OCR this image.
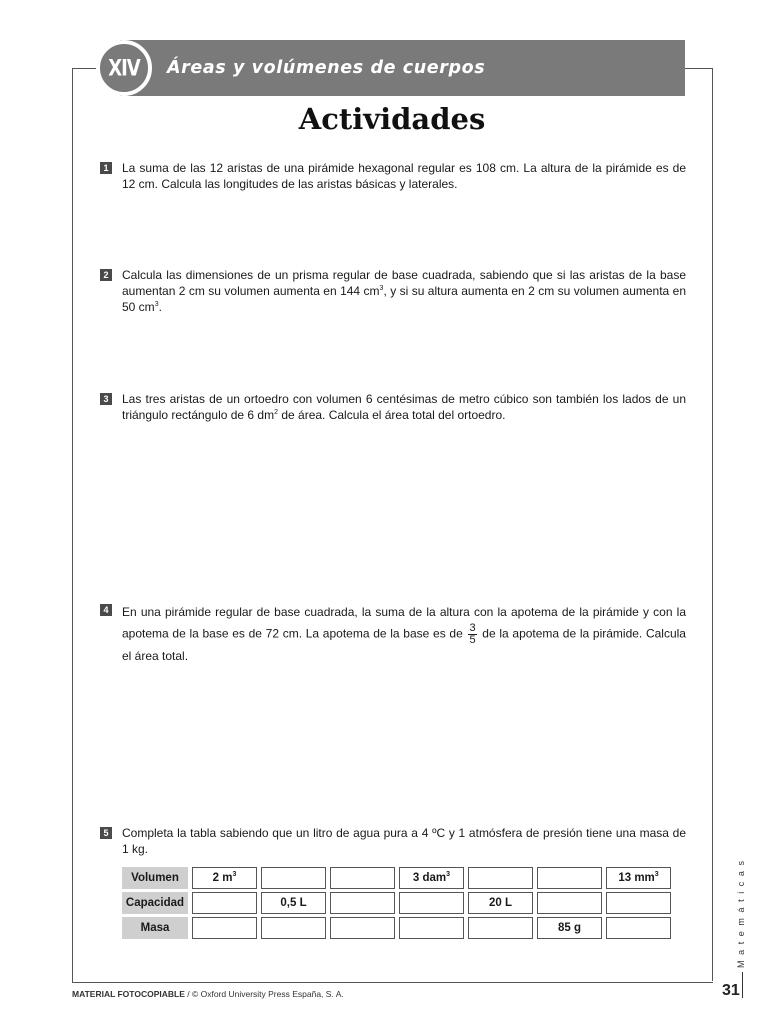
XIV Áreas y volúmenes de cuerpos
Actividades
1 La suma de las 12 aristas de una pirámide hexagonal regular es 108 cm. La altura de la pirámide es de 12 cm. Calcula las longitudes de las aristas básicas y laterales.
2 Calcula las dimensiones de un prisma regular de base cuadrada, sabiendo que si las aristas de la base aumentan 2 cm su volumen aumenta en 144 $cm^3$, y si su altura aumenta en 2 cm su volumen aumenta en 50 $cm^3$.
3 Las tres aristas de un ortoedro con volumen 6 centésimas de metro cúbico son también los lados de un triángulo rectángulo de 6 $dm^2$ de área. Calcula el área total del ortoedro.
4 En una pirámide regular de base cuadrada, la suma de la altura con la apotema de la pirámide y con la apotema de la base es de 72 cm. La apotema de la base es de $\frac{3}{5}$ de la apotema de la pirámide. Calcula el área total.
5 Completa la tabla sabiendo que un litro de agua pura a 4 ºC y 1 atmósfera de presión tiene una masa de 1 kg.
Volumen	2 $m^3$			3 dam$^3$			13 $mm^3$
Capacidad		0,5 L			20 L		
Masa						85 g		Matemáticas
31
MATERIAL FOTOCOPIABLE / © Oxford University Press España, S. A.
